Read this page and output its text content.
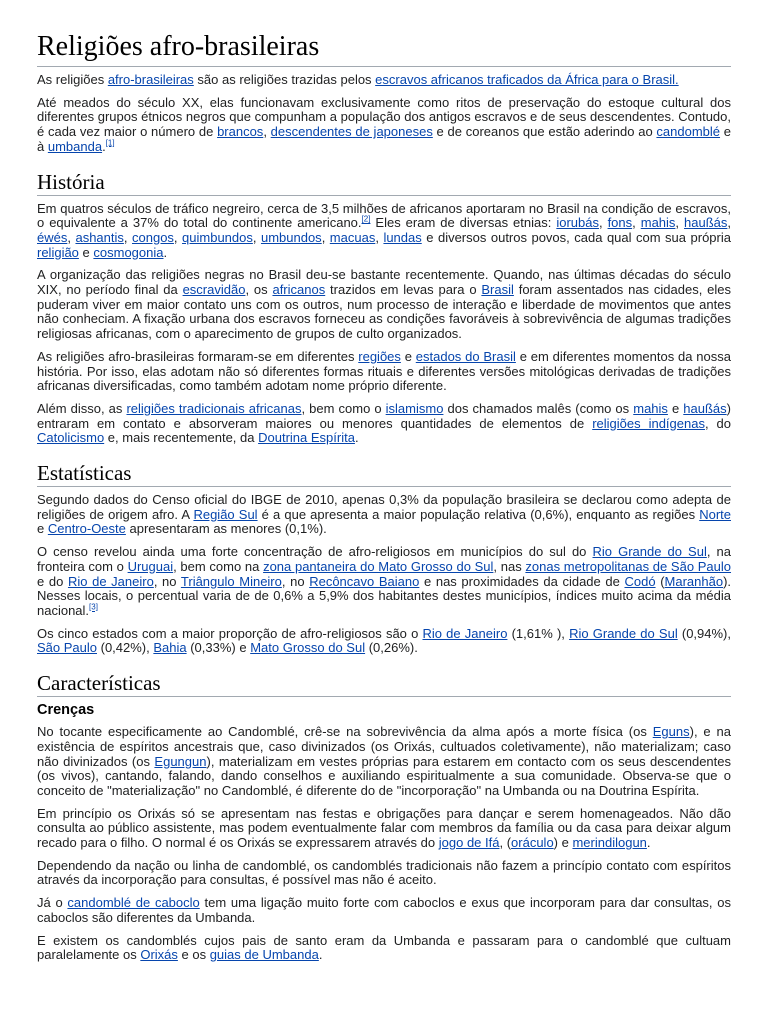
Religiões afro-brasileiras

As religiões afro-brasileiras são as religiões trazidas pelos escravos africanos traficados da África para o Brasil.

Até meados do século XX, elas funcionavam exclusivamente como ritos de preservação do estoque cultural dos diferentes grupos étnicos negros que compunham a população dos antigos escravos e de seus descendentes. Contudo, é cada vez maior o número de brancos, descendentes de japoneses e de coreanos que estão aderindo ao candomblé e à umbanda.[1]

História

Em quatros séculos de tráfico negreiro, cerca de 3,5 milhões de africanos aportaram no Brasil na condição de escravos, o equivalente a 37% do total do continente americano.[2] Eles eram de diversas etnias: iorubás, fons, mahis, haußás, éwés, ashantis, congos, quimbundos, umbundos, macuas, lundas e diversos outros povos, cada qual com sua própria religião e cosmogonia.

A organização das religiões negras no Brasil deu-se bastante recentemente. Quando, nas últimas décadas do século XIX, no período final da escravidão, os africanos trazidos em levas para o Brasil foram assentados nas cidades, eles puderam viver em maior contato uns com os outros, num processo de interação e liberdade de movimentos que antes não conheciam. A fixação urbana dos escravos forneceu as condições favoráveis à sobrevivência de algumas tradições religiosas africanas, com o aparecimento de grupos de culto organizados.

As religiões afro-brasileiras formaram-se em diferentes regiões e estados do Brasil e em diferentes momentos da nossa história. Por isso, elas adotam não só diferentes formas rituais e diferentes versões mitológicas derivadas de tradições africanas diversificadas, como também adotam nome próprio diferente.

Além disso, as religiões tradicionais africanas, bem como o islamismo dos chamados malês (como os mahis e haußás) entraram em contato e absorveram maiores ou menores quantidades de elementos de religiões indígenas, do Catolicismo e, mais recentemente, da Doutrina Espírita.

Estatísticas

Segundo dados do Censo oficial do IBGE de 2010, apenas 0,3% da população brasileira se declarou como adepta de religiões de origem afro. A Região Sul é a que apresenta a maior população relativa (0,6%), enquanto as regiões Norte e Centro-Oeste apresentaram as menores (0,1%).

O censo revelou ainda uma forte concentração de afro-religiosos em municípios do sul do Rio Grande do Sul, na fronteira com o Uruguai, bem como na zona pantaneira do Mato Grosso do Sul, nas zonas metropolitanas de São Paulo e do Rio de Janeiro, no Triângulo Mineiro, no Recôncavo Baiano e nas proximidades da cidade de Codó (Maranhão). Nesses locais, o percentual varia de de 0,6% a 5,9% dos habitantes destes municípios, índices muito acima da média nacional.[3]

Os cinco estados com a maior proporção de afro-religiosos são o Rio de Janeiro (1,61% ), Rio Grande do Sul (0,94%), São Paulo (0,42%), Bahia (0,33%) e Mato Grosso do Sul (0,26%).

Características
Crenças

No tocante especificamente ao Candomblé, crê-se na sobrevivência da alma após a morte física (os Eguns), e na existência de espíritos ancestrais que, caso divinizados (os Orixás, cultuados coletivamente), não materializam; caso não divinizados (os Egungun), materializam em vestes próprias para estarem em contacto com os seus descendentes (os vivos), cantando, falando, dando conselhos e auxiliando espiritualmente a sua comunidade. Observa-se que o conceito de "materialização" no Candomblé, é diferente do de "incorporação" na Umbanda ou na Doutrina Espírita.

Em princípio os Orixás só se apresentam nas festas e obrigações para dançar e serem homenageados. Não dão consulta ao público assistente, mas podem eventualmente falar com membros da família ou da casa para deixar algum recado para o filho. O normal é os Orixás se expressarem através do jogo de Ifá, (oráculo) e merindilogun.

Dependendo da nação ou linha de candomblé, os candomblés tradicionais não fazem a princípio contato com espíritos através da incorporação para consultas, é possível mas não é aceito.

Já o candomblé de caboclo tem uma ligação muito forte com caboclos e exus que incorporam para dar consultas, os caboclos são diferentes da Umbanda.

E existem os candomblés cujos pais de santo eram da Umbanda e passaram para o candomblé que cultuam paralelamente os Orixás e os guias de Umbanda.
